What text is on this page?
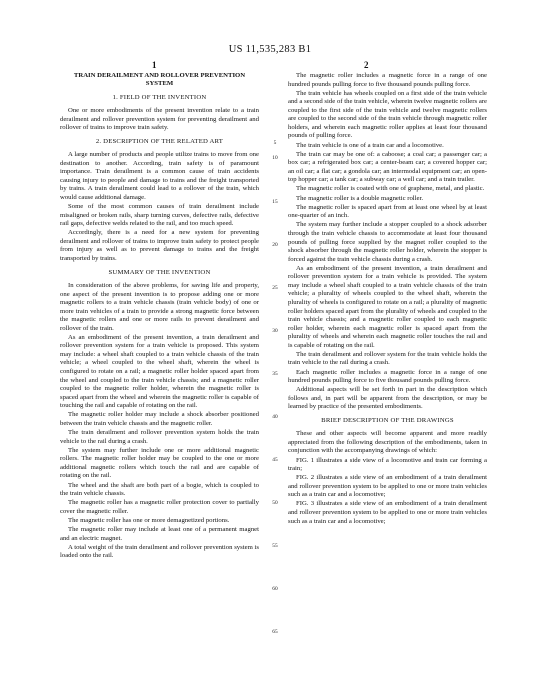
US 11,535,283 B1
1	2
TRAIN DERAILMENT AND ROLLOVER PREVENTION SYSTEM
1. FIELD OF THE INVENTION

One or more embodiments of the present invention relate to a train derailment and rollover prevention system for preventing derailment and rollover of trains to improve train safety.

2. DESCRIPTION OF THE RELATED ART

A large number of products and people utilize trains to move from one destination to another. According, train safety is of paramount importance. Train derailment is a common cause of train accidents causing injury to people and damage to trains and the freight transported by trains. A train derailment could lead to a rollover of the train, which would cause additional damage.

Some of the most common causes of train derailment include misaligned or broken rails, sharp turning curves, defective rails, defective rail gaps, defective welds related to the rail, and too much speed.

Accordingly, there is a need for a new system for preventing derailment and rollover of trains to improve train safety to protect people from injury as well as to prevent damage to trains and the freight transported by trains.

SUMMARY OF THE INVENTION

In consideration of the above problems, for saving life and property, one aspect of the present invention is to propose adding one or more magnetic rollers to a train vehicle chassis (train vehicle body) of one or more train vehicles of a train to provide a strong magnetic force between the magnetic rollers and one or more rails to prevent derailment and rollover of the train.

As an embodiment of the present invention, a train derailment and rollover prevention system for a train vehicle is proposed. This system may include: a wheel shaft coupled to a train vehicle chassis of the train vehicle; a wheel coupled to the wheel shaft, wherein the wheel is configured to rotate on a rail; a magnetic roller holder spaced apart from the wheel and coupled to the train vehicle chassis; and a magnetic roller coupled to the magnetic roller holder, wherein the magnetic roller is spaced apart from the wheel and wherein the magnetic roller is capable of touching the rail and capable of rotating on the rail.

The magnetic roller holder may include a shock absorber positioned between the train vehicle chassis and the magnetic roller.

The train derailment and rollover prevention system holds the train vehicle to the rail during a crash.

The system may further include one or more additional magnetic rollers. The magnetic roller holder may be coupled to the one or more additional magnetic rollers which touch the rail and are capable of rotating on the rail.

The wheel and the shaft are both part of a bogie, which is coupled to the train vehicle chassis.

The magnetic roller has a magnetic roller protection cover to partially cover the magnetic roller.

The magnetic roller has one or more demagnetized portions.

The magnetic roller may include at least one of a permanent magnet and an electric magnet.

A total weight of the train derailment and rollover prevention system is loaded onto the rail.

5
10
15
20
25
30
35
40
45
50
55
60
65

The magnetic roller includes a magnetic force in a range of one hundred pounds pulling force to five thousand pounds pulling force.

The train vehicle has wheels coupled on a first side of the train vehicle and a second side of the train vehicle, wherein twelve magnetic rollers are coupled to the first side of the train vehicle and twelve magnetic rollers are coupled to the second side of the train vehicle through magnetic roller holders, and wherein each magnetic roller applies at least four thousand pounds of pulling force.

The train vehicle is one of a train car and a locomotive.

The train car may be one of: a caboose; a coal car; a passenger car; a box car; a refrigerated box car; a center-beam car; a covered hopper car; an oil car; a flat car; a gondola car; an intermodal equipment car; an open-top hopper car; a tank car; a subway car; a well car; and a train trailer.

The magnetic roller is coated with one of graphene, metal, and plastic.

The magnetic roller is a double magnetic roller.

The magnetic roller is spaced apart from at least one wheel by at least one-quarter of an inch.

The system may further include a stopper coupled to a shock adsorber through the train vehicle chassis to accommodate at least four thousand pounds of pulling force supplied by the magnet roller coupled to the shock absorber through the magnetic roller holder, wherein the stopper is forced against the train vehicle chassis during a crash.

As an embodiment of the present invention, a train derailment and rollover prevention system for a train vehicle is provided. The system may include a wheel shaft coupled to a train vehicle chassis of the train vehicle; a plurality of wheels coupled to the wheel shaft, wherein the plurality of wheels is configured to rotate on a rail; a plurality of magnetic roller holders spaced apart from the plurality of wheels and coupled to the train vehicle chassis; and a magnetic roller coupled to each magnetic roller holder, wherein each magnetic roller is spaced apart from the plurality of wheels and wherein each magnetic roller touches the rail and is capable of rotating on the rail.

The train derailment and rollover system for the train vehicle holds the train vehicle to the rail during a crash.

Each magnetic roller includes a magnetic force in a range of one hundred pounds pulling force to five thousand pounds pulling force.

Additional aspects will be set forth in part in the description which follows and, in part will be apparent from the description, or may be learned by practice of the presented embodiments.

BRIEF DESCRIPTION OF THE DRAWINGS

These and other aspects will become apparent and more readily appreciated from the following description of the embodiments, taken in conjunction with the accompanying drawings of which:

FIG. 1 illustrates a side view of a locomotive and train car forming a train;

FIG. 2 illustrates a side view of an embodiment of a train derailment and rollover prevention system to be applied to one or more train vehicles such as a train car and a locomotive;

FIG. 3 illustrates a side view of an embodiment of a train derailment and rollover prevention system to be applied to one or more train vehicles such as a train car and a locomotive;
